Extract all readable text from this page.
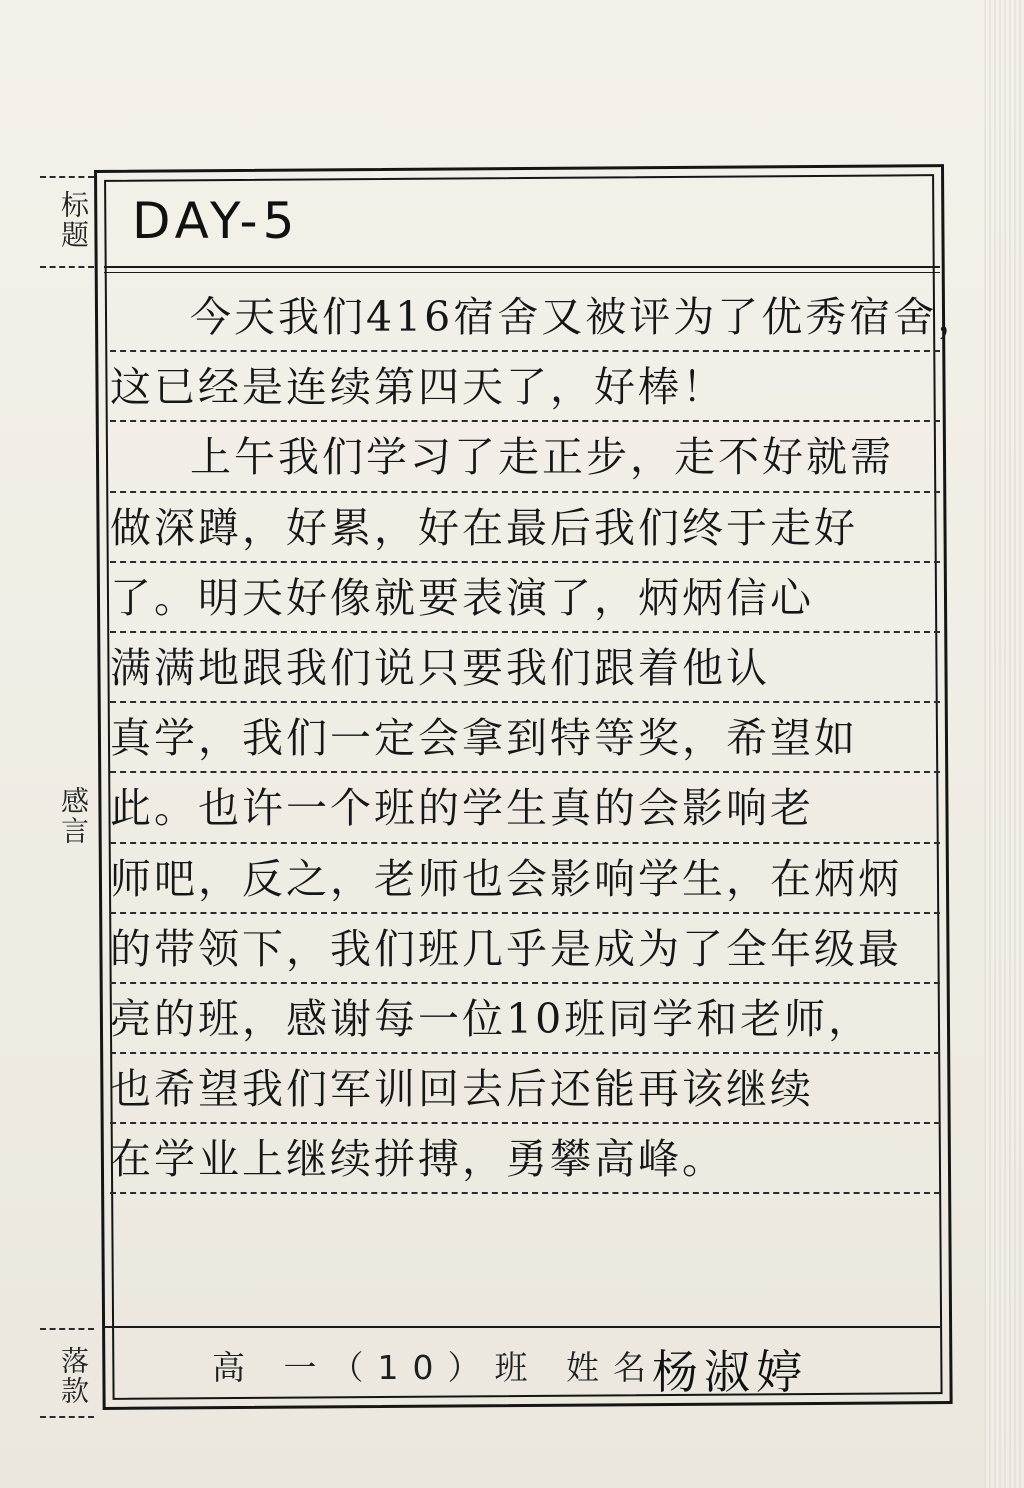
标题
感言
落款
DAY-5
今天我们416宿舍又被评为了优秀宿舍，
这已经是连续第四天了，好棒！
上午我们学习了走正步，走不好就需
做深蹲，好累，好在最后我们终于走好
了。明天好像就要表演了，炳炳信心
满满地跟我们说只要我们跟着他认
真学，我们一定会拿到特等奖，希望如
此。也许一个班的学生真的会影响老
师吧，反之，老师也会影响学生，在炳炳
的带领下，我们班几乎是成为了全年级最
亮的班，感谢每一位10班同学和老师，
也希望我们军训回去后还能再该继续
在学业上继续拼搏，勇攀高峰。
高 一（10）班 姓名
杨淑婷
